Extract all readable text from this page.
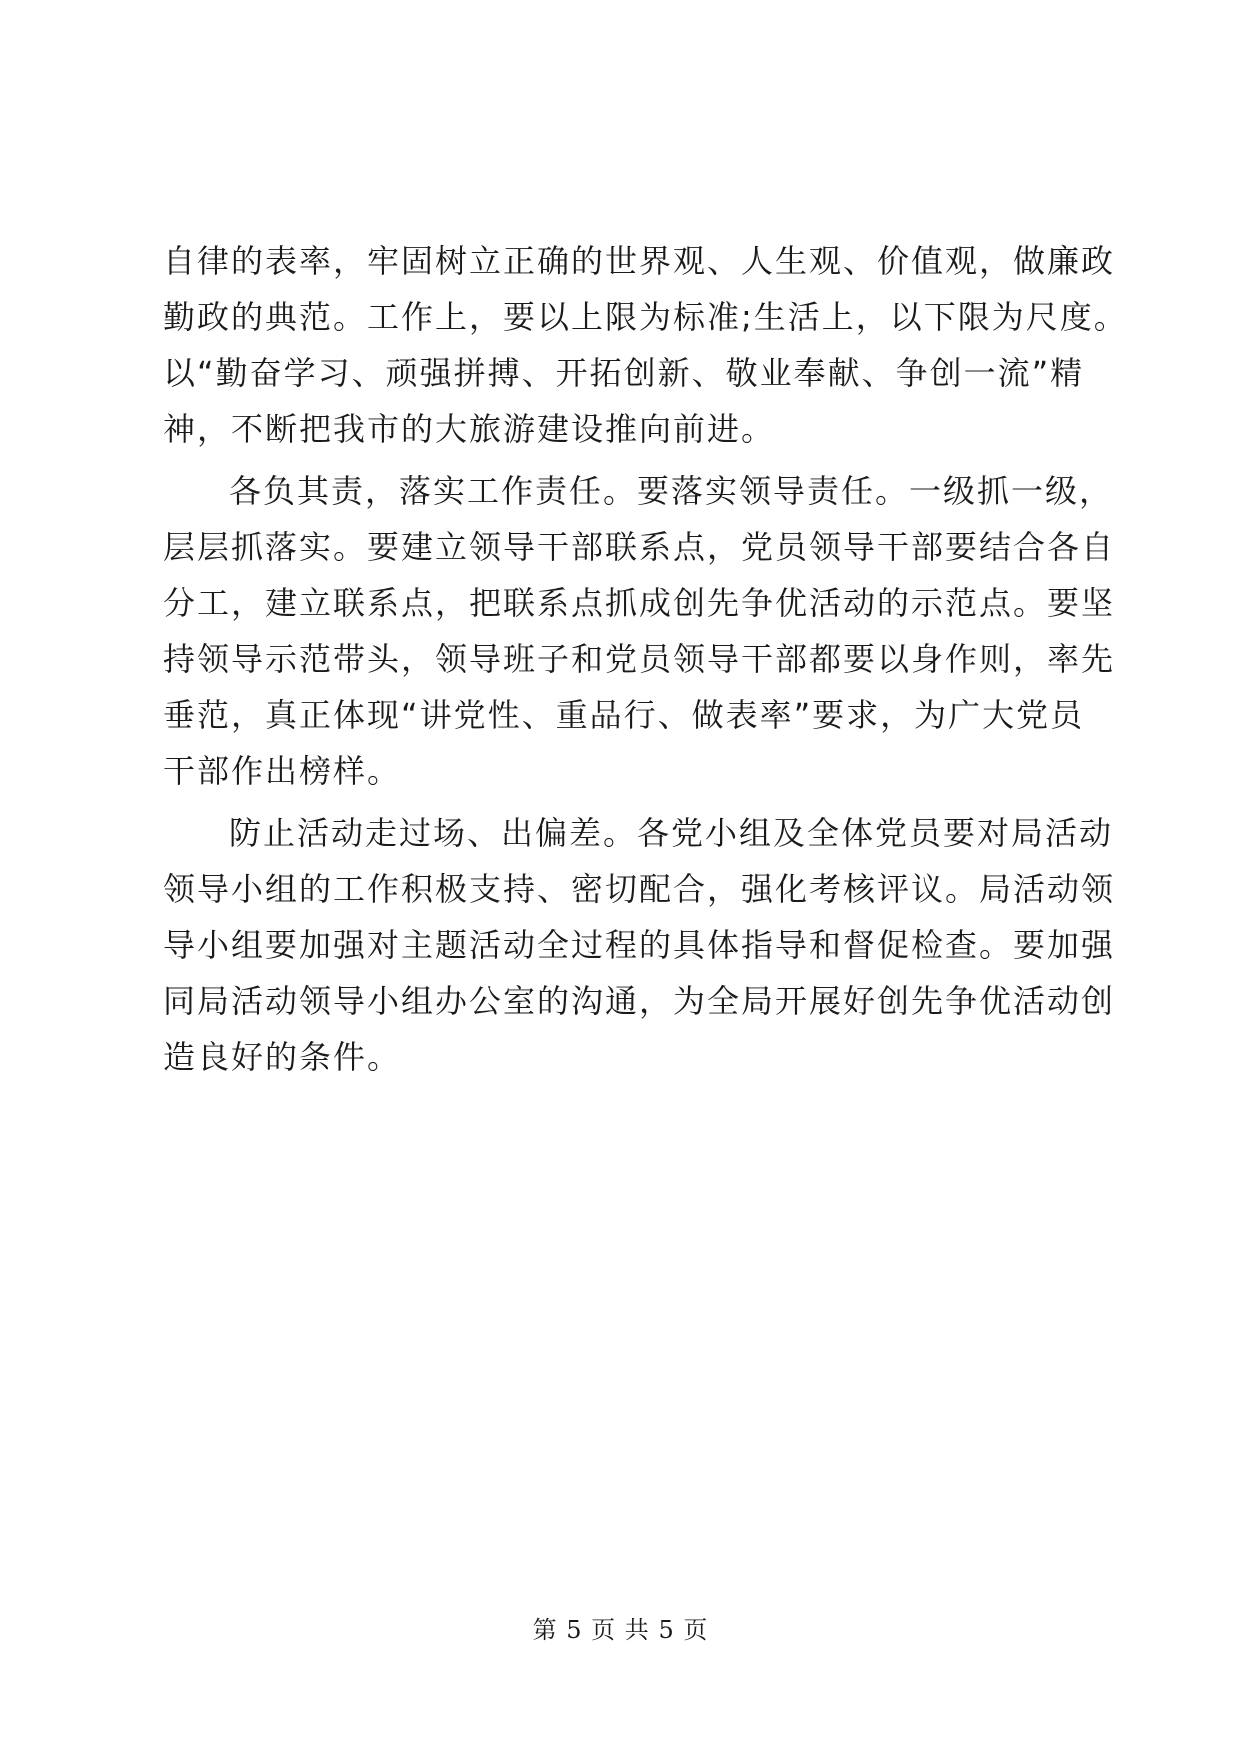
自律的表率，牢固树立正确的世界观、人生观、价值观，做廉政
勤政的典范。工作上，要以上限为标准;生活上，以下限为尺度。
以“勤奋学习、顽强拼搏、开拓创新、敬业奉献、争创一流”精
神，不断把我市的大旅游建设推向前进。

各负其责，落实工作责任。要落实领导责任。一级抓一级，
层层抓落实。要建立领导干部联系点，党员领导干部要结合各自
分工，建立联系点，把联系点抓成创先争优活动的示范点。要坚
持领导示范带头，领导班子和党员领导干部都要以身作则，率先
垂范，真正体现“讲党性、重品行、做表率”要求，为广大党员
干部作出榜样。

防止活动走过场、出偏差。各党小组及全体党员要对局活动
领导小组的工作积极支持、密切配合，强化考核评议。局活动领
导小组要加强对主题活动全过程的具体指导和督促检查。要加强
同局活动领导小组办公室的沟通，为全局开展好创先争优活动创
造良好的条件。

第 5 页 共 5 页
